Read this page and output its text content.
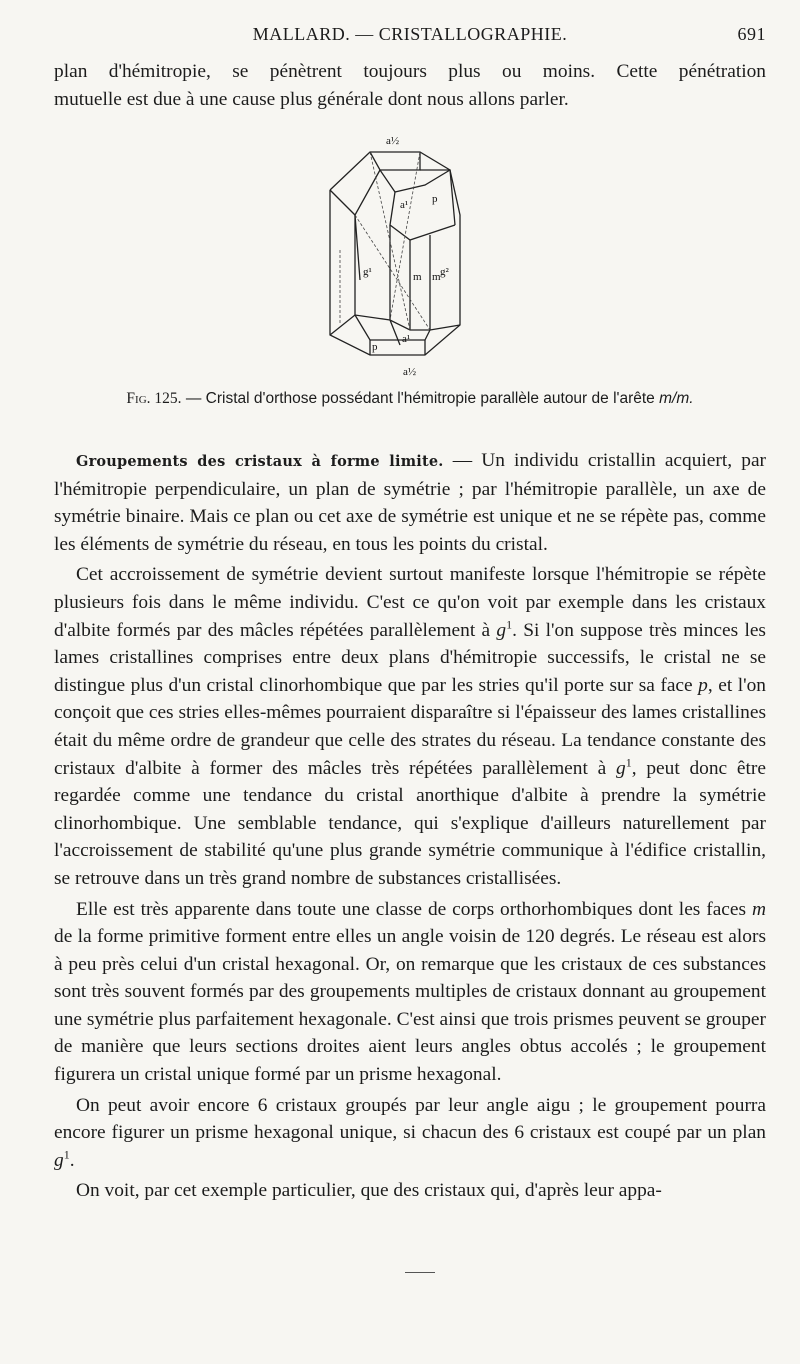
MALLARD. — CRISTALLOGRAPHIE.	691

plan d'hémitropie, se pénètrent toujours plus ou moins. Cette pénétration

mutuelle est due à une cause plus générale dont nous allons parler.

a½
p
a¹
g¹	m m g²
p
a¹
a½
Fig. 125. — Cristal d'orthose possédant l'hémitropie parallèle autour de l'arête m/m.

Groupements des cristaux à forme limite. — Un individu cristallin acquiert, par l'hémitropie perpendiculaire, un plan de symétrie ; par l'hémitropie parallèle, un axe de symétrie binaire. Mais ce plan ou cet axe de symétrie est unique et ne se répète pas, comme les éléments de symétrie du réseau, en tous les points du cristal.

Cet accroissement de symétrie devient surtout manifeste lorsque l'hémitropie se répète plusieurs fois dans le même individu. C'est ce qu'on voit par exemple dans les cristaux d'albite formés par des mâcles répétées parallèlement à $g^1$. Si l'on suppose très minces les lames cristallines comprises entre deux plans d'hémitropie successifs, le cristal ne se distingue plus d'un cristal clinorhombique que par les stries qu'il porte sur sa face p, et l'on conçoit que ces stries elles-mêmes pourraient disparaître si l'épaisseur des lames cristallines était du même ordre de grandeur que celle des strates du réseau. La tendance constante des cristaux d'albite à former des mâcles très répétées parallèlement à $g^1$, peut donc être regardée comme une tendance du cristal anorthique d'albite à prendre la symétrie clinorhombique. Une semblable tendance, qui s'explique d'ailleurs naturellement par l'accroissement de stabilité qu'une plus grande symétrie communique à l'édifice cristallin, se retrouve dans un très grand nombre de substances cristallisées.

Elle est très apparente dans toute une classe de corps orthorhombiques dont les faces m de la forme primitive forment entre elles un angle voisin de 120 degrés. Le réseau est alors à peu près celui d'un cristal hexagonal. Or, on remarque que les cristaux de ces substances sont très souvent formés par des groupements multiples de cristaux donnant au groupement une symétrie plus parfaitement hexagonale. C'est ainsi que trois prismes peuvent se grouper de manière que leurs sections droites aient leurs angles obtus accolés ; le groupement figurera un cristal unique formé par un prisme hexagonal.

On peut avoir encore 6 cristaux groupés par leur angle aigu ; le groupement pourra encore figurer un prisme hexagonal unique, si chacun des 6 cristaux est coupé par un plan $g^1$.

On voit, par cet exemple particulier, que des cristaux qui, d'après leur appa-
